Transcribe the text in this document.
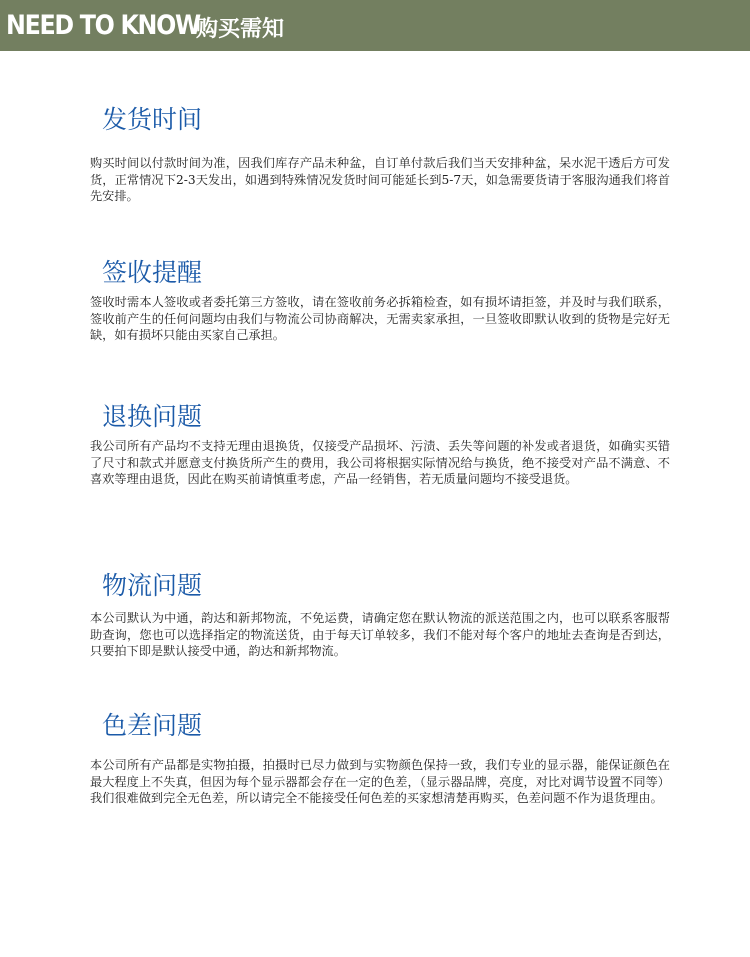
NEED TO KNOW
购买需知
发货时间

购买时间以付款时间为准，因我们库存产品未种盆，自订单付款后我们当天安排种盆，呆水泥干透后方可发货，正常情况下2-3天发出，如遇到特殊情况发货时间可能延长到5-7天，如急需要货请于客服沟通我们将首先安排。

签收提醒

签收时需本人签收或者委托第三方签收，请在签收前务必拆箱检查，如有损坏请拒签，并及时与我们联系，签收前产生的任何问题均由我们与物流公司协商解决，无需卖家承担，一旦签收即默认收到的货物是完好无缺，如有损坏只能由买家自己承担。

退换问题

我公司所有产品均不支持无理由退换货，仅接受产品损坏、污渍、丢失等问题的补发或者退货，如确实买错了尺寸和款式并愿意支付换货所产生的费用，我公司将根据实际情况给与换货，绝不接受对产品不满意、不喜欢等理由退货，因此在购买前请慎重考虑，产品一经销售，若无质量问题均不接受退货。

物流问题

本公司默认为中通，韵达和新邦物流，不免运费，请确定您在默认物流的派送范围之内，也可以联系客服帮助查询，您也可以选择指定的物流送货，由于每天订单较多，我们不能对每个客户的地址去查询是否到达，只要拍下即是默认接受中通，韵达和新邦物流。

色差问题

本公司所有产品都是实物拍摄，拍摄时已尽力做到与实物颜色保持一致，我们专业的显示器，能保证颜色在最大程度上不失真，但因为每个显示器都会存在一定的色差，（显示器品牌，亮度，对比对调节设置不同等）我们很难做到完全无色差，所以请完全不能接受任何色差的买家想清楚再购买，色差问题不作为退货理由。
